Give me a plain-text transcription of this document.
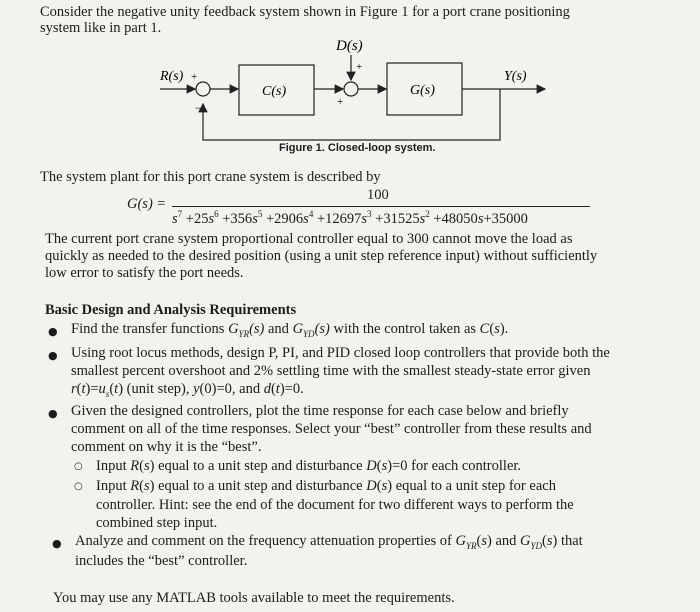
Consider the negative unity feedback system shown in Figure 1 for a port crane positioning
system like in part 1.
D(s)
R(s)	Y(s)
+
−
+
+
C(s)	G(s)
Figure 1. Closed-loop system.
The system plant for this port crane system is described by
G(s) =
100
$s^7 +25s^6 +356s^5 +2906s^4 +12697s^3 +31525s^2 +48050s+35000$
The current port crane system proportional controller equal to 300 cannot move the load as
quickly as needed to the desired position (using a unit step reference input) without sufficiently
low error to satisfy the port needs.
Basic Design and Analysis Requirements
● Find the transfer functions $G_{YR}(s)$ and $G_{YD}(s)$ with the control taken as C(s).
● Using root locus methods, design P, PI, and PID closed loop controllers that provide both the
smallest percent overshoot and 2% settling time with the smallest steady-state error given
$r(t)=u_s(t)$ (unit step), y(0)=0, and d(t)=0.
● Given the designed controllers, plot the time response for each case below and briefly
comment on all of the time responses. Select your “best” controller from these results and
comment on why it is the “best”.
○ Input R(s) equal to a unit step and disturbance D(s)=0 for each controller.
○ Input R(s) equal to a unit step and disturbance D(s) equal to a unit step for each
controller. Hint: see the end of the document for two different ways to perform the
combined step input.
● Analyze and comment on the frequency attenuation properties of $G_{YR}(s)$ and $G_{YD}(s)$ that
includes the “best” controller.
You may use any MATLAB tools available to meet the requirements.
